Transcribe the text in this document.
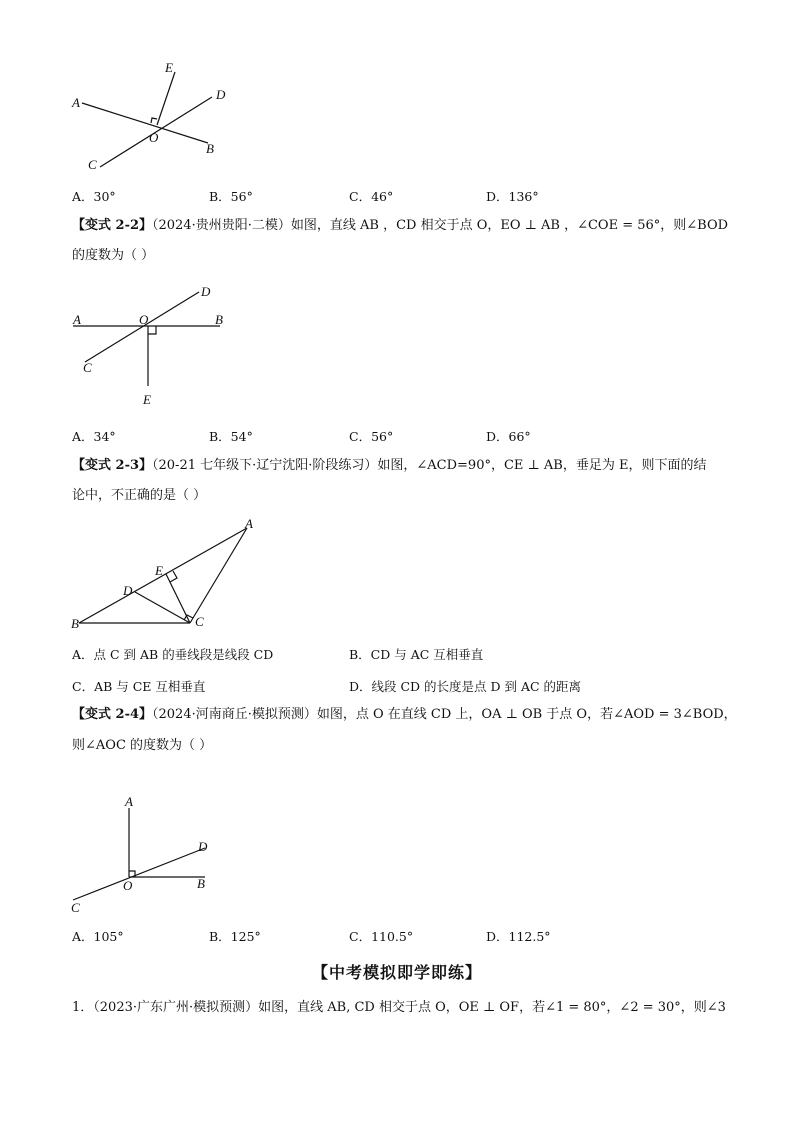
E
D
A
O
B
C
A．30°	B．56°	C．46°	D．136°
【变式 2-2】（2024·贵州贵阳·二模）如图，直线 AB ，CD 相交于点 O，EO ⊥ AB ，∠COE = 56°，则∠BOD
的度数为（ ）
A	O	B
D
C
E
A．34°	B．54°	C．56°	D．66°
【变式 2-3】（20-21 七年级下·辽宁沈阳·阶段练习）如图，∠ACD=90°，CE ⊥ AB，垂足为 E，则下面的结
论中，不正确的是（ ）
A
E
D
B	C
A．点 C 到 AB 的垂线段是线段 CD	B．CD 与 AC 互相垂直
C．AB 与 CE 互相垂直	D．线段 CD 的长度是点 D 到 AC 的距离
【变式 2-4】（2024·河南商丘·模拟预测）如图，点 O 在直线 CD 上，OA ⊥ OB 于点 O，若∠AOD = 3∠BOD，
则∠AOC 的度数为（ ）
A
D
O	B
C
A．105°	B．125°	C．110.5°	D．112.5°
【中考模拟即学即练】
1．（2023·广东广州·模拟预测）如图，直线 AB, CD 相交于点 O，OE ⊥ OF，若∠1 = 80°，∠2 = 30°，则∠3
